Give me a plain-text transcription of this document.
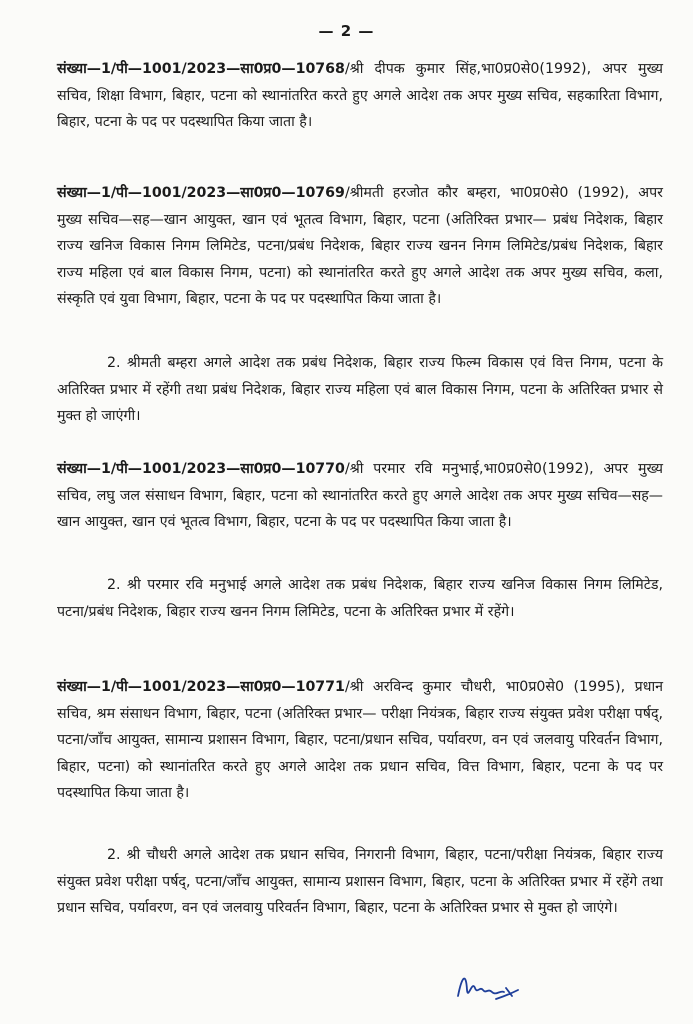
— 2 —
संख्या—1/पी—1001/2023—सा0प्र0—10768/श्री दीपक कुमार सिंह,भा0प्र0से0(1992), अपर मुख्य सचिव, शिक्षा विभाग, बिहार, पटना को स्थानांतरित करते हुए अगले आदेश तक अपर मुख्य सचिव, सहकारिता विभाग, बिहार, पटना के पद पर पदस्थापित किया जाता है।
संख्या—1/पी—1001/2023—सा0प्र0—10769/श्रीमती हरजोत कौर बम्हरा, भा0प्र0से0 (1992), अपर मुख्य सचिव—सह—खान आयुक्त, खान एवं भूतत्व विभाग, बिहार, पटना (अतिरिक्त प्रभार— प्रबंध निदेशक, बिहार राज्य खनिज विकास निगम लिमिटेड, पटना/प्रबंध निदेशक, बिहार राज्य खनन निगम लिमिटेड/प्रबंध निदेशक, बिहार राज्य महिला एवं बाल विकास निगम, पटना) को स्थानांतरित करते हुए अगले आदेश तक अपर मुख्य सचिव, कला, संस्कृति एवं युवा विभाग, बिहार, पटना के पद पर पदस्थापित किया जाता है।
2. श्रीमती बम्हरा अगले आदेश तक प्रबंध निदेशक, बिहार राज्य फिल्म विकास एवं वित्त निगम, पटना के अतिरिक्त प्रभार में रहेंगी तथा प्रबंध निदेशक, बिहार राज्य महिला एवं बाल विकास निगम, पटना के अतिरिक्त प्रभार से मुक्त हो जाएंगी।
संख्या—1/पी—1001/2023—सा0प्र0—10770/श्री परमार रवि मनुभाई,भा0प्र0से0(1992), अपर मुख्य सचिव, लघु जल संसाधन विभाग, बिहार, पटना को स्थानांतरित करते हुए अगले आदेश तक अपर मुख्य सचिव—सह—खान आयुक्त, खान एवं भूतत्व विभाग, बिहार, पटना के पद पर पदस्थापित किया जाता है।
2. श्री परमार रवि मनुभाई अगले आदेश तक प्रबंध निदेशक, बिहार राज्य खनिज विकास निगम लिमिटेड, पटना/प्रबंध निदेशक, बिहार राज्य खनन निगम लिमिटेड, पटना के अतिरिक्त प्रभार में रहेंगे।
संख्या—1/पी—1001/2023—सा0प्र0—10771/श्री अरविन्द कुमार चौधरी, भा0प्र0से0 (1995), प्रधान सचिव, श्रम संसाधन विभाग, बिहार, पटना (अतिरिक्त प्रभार— परीक्षा नियंत्रक, बिहार राज्य संयुक्त प्रवेश परीक्षा पर्षद्, पटना/जाँच आयुक्त, सामान्य प्रशासन विभाग, बिहार, पटना/प्रधान सचिव, पर्यावरण, वन एवं जलवायु परिवर्तन विभाग, बिहार, पटना) को स्थानांतरित करते हुए अगले आदेश तक प्रधान सचिव, वित्त विभाग, बिहार, पटना के पद पर पदस्थापित किया जाता है।
2. श्री चौधरी अगले आदेश तक प्रधान सचिव, निगरानी विभाग, बिहार, पटना/परीक्षा नियंत्रक, बिहार राज्य संयुक्त प्रवेश परीक्षा पर्षद्, पटना/जाँच आयुक्त, सामान्य प्रशासन विभाग, बिहार, पटना के अतिरिक्त प्रभार में रहेंगे तथा प्रधान सचिव, पर्यावरण, वन एवं जलवायु परिवर्तन विभाग, बिहार, पटना के अतिरिक्त प्रभार से मुक्त हो जाएंगे।
